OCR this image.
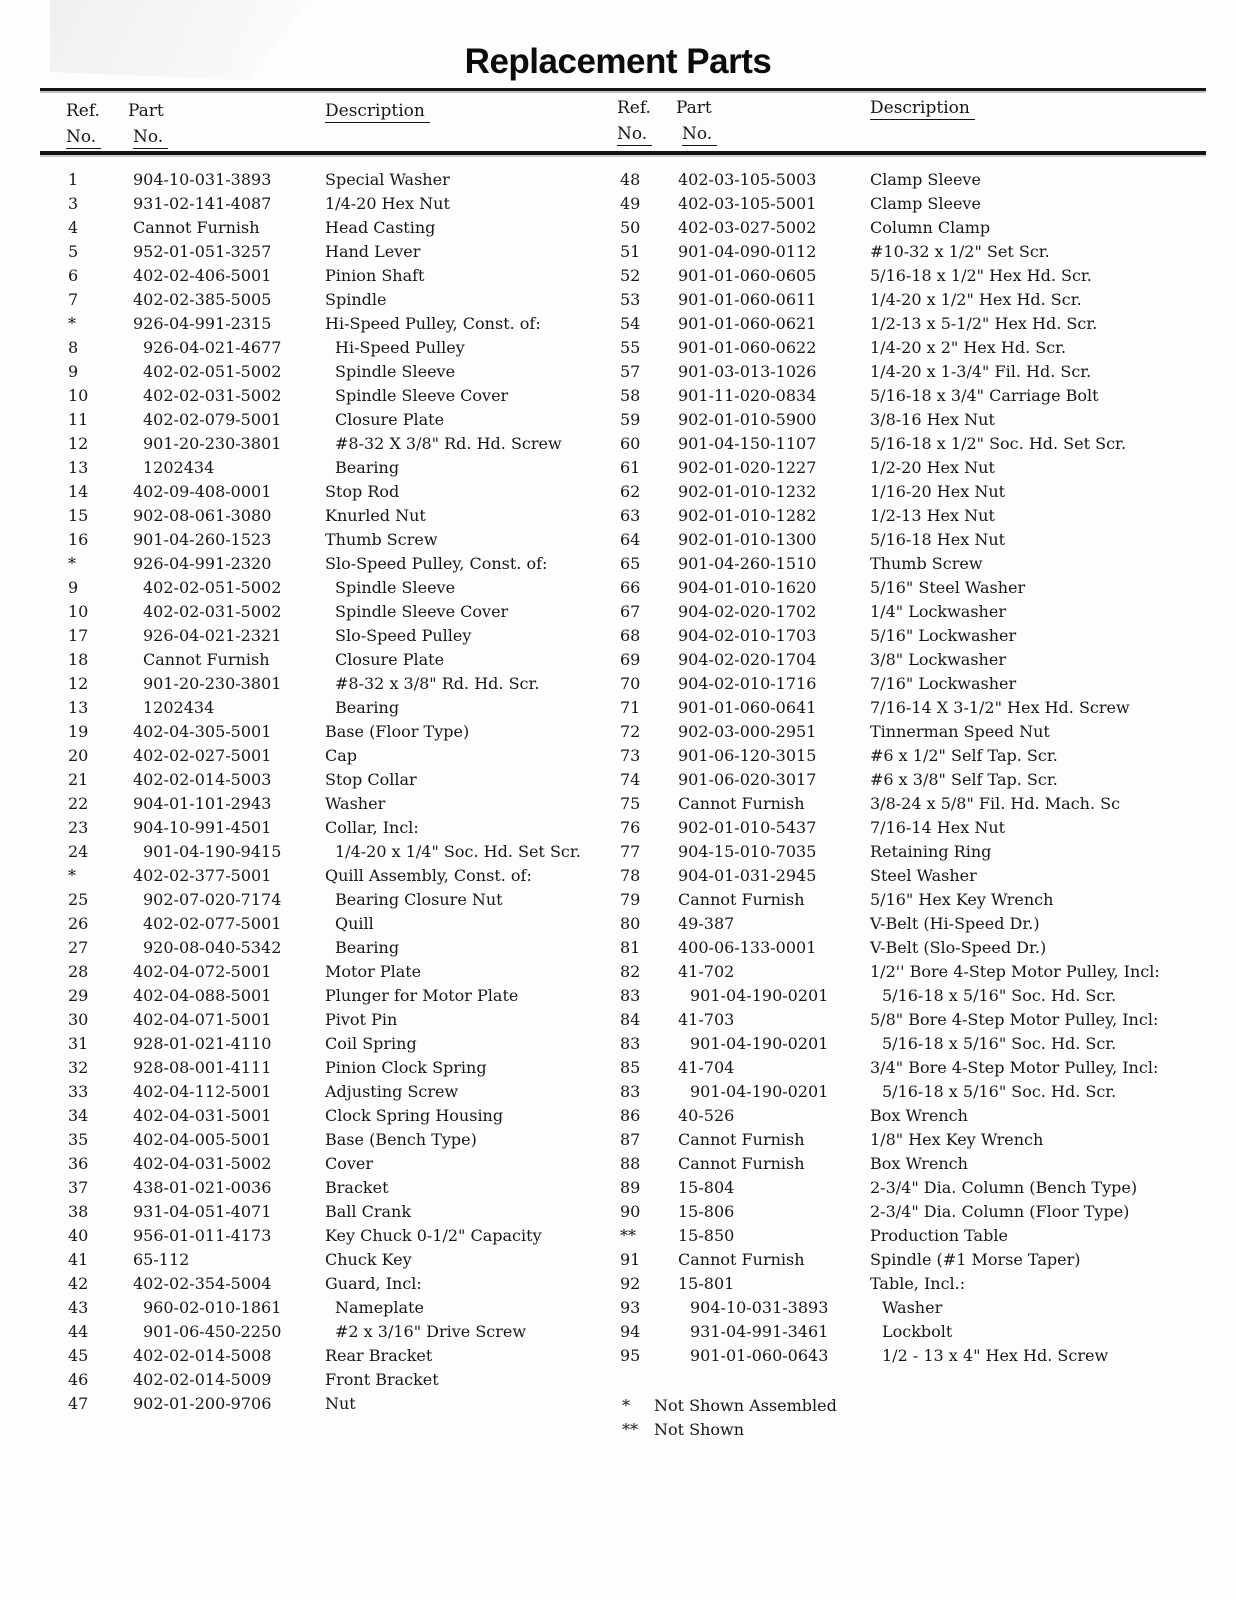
Replacement Parts
Ref.
No.
Part
No.
Description	Ref.
No.
Part
No.
Description
1	904-10-031-3893	Special Washer
3	931-02-141-4087	1/4-20 Hex Nut
4	Cannot Furnish	Head Casting
5	952-01-051-3257	Hand Lever
6	402-02-406-5001	Pinion Shaft
7	402-02-385-5005	Spindle
*	926-04-991-2315	Hi-Speed Pulley, Const. of:
8	926-04-021-4677	Hi-Speed Pulley
9	402-02-051-5002	Spindle Sleeve
10	402-02-031-5002	Spindle Sleeve Cover
11	402-02-079-5001	Closure Plate
12	901-20-230-3801	#8-32 X 3/8" Rd. Hd. Screw
13	1202434	Bearing
14	402-09-408-0001	Stop Rod
15	902-08-061-3080	Knurled Nut
16	901-04-260-1523	Thumb Screw
*	926-04-991-2320	Slo-Speed Pulley, Const. of:
9	402-02-051-5002	Spindle Sleeve
10	402-02-031-5002	Spindle Sleeve Cover
17	926-04-021-2321	Slo-Speed Pulley
18	Cannot Furnish	Closure Plate
12	901-20-230-3801	#8-32 x 3/8" Rd. Hd. Scr.
13	1202434	Bearing
19	402-04-305-5001	Base (Floor Type)
20	402-02-027-5001	Cap
21	402-02-014-5003	Stop Collar
22	904-01-101-2943	Washer
23	904-10-991-4501	Collar, Incl:
24	901-04-190-9415	1/4-20 x 1/4" Soc. Hd. Set Scr.
*	402-02-377-5001	Quill Assembly, Const. of:
25	902-07-020-7174	Bearing Closure Nut
26	402-02-077-5001	Quill
27	920-08-040-5342	Bearing
28	402-04-072-5001	Motor Plate
29	402-04-088-5001	Plunger for Motor Plate
30	402-04-071-5001	Pivot Pin
31	928-01-021-4110	Coil Spring
32	928-08-001-4111	Pinion Clock Spring
33	402-04-112-5001	Adjusting Screw
34	402-04-031-5001	Clock Spring Housing
35	402-04-005-5001	Base (Bench Type)
36	402-04-031-5002	Cover
37	438-01-021-0036	Bracket
38	931-04-051-4071	Ball Crank
40	956-01-011-4173	Key Chuck 0-1/2" Capacity
41	65-112	Chuck Key
42	402-02-354-5004	Guard, Incl:
43	960-02-010-1861	Nameplate
44	901-06-450-2250	#2 x 3/16" Drive Screw
45	402-02-014-5008	Rear Bracket
46	402-02-014-5009	Front Bracket
47	902-01-200-9706	Nut
48	402-03-105-5003	Clamp Sleeve
49	402-03-105-5001	Clamp Sleeve
50	402-03-027-5002	Column Clamp
51	901-04-090-0112	#10-32 x 1/2" Set Scr.
52	901-01-060-0605	5/16-18 x 1/2" Hex Hd. Scr.
53	901-01-060-0611	1/4-20 x 1/2" Hex Hd. Scr.
54	901-01-060-0621	1/2-13 x 5-1/2" Hex Hd. Scr.
55	901-01-060-0622	1/4-20 x 2" Hex Hd. Scr.
57	901-03-013-1026	1/4-20 x 1-3/4" Fil. Hd. Scr.
58	901-11-020-0834	5/16-18 x 3/4" Carriage Bolt
59	902-01-010-5900	3/8-16 Hex Nut
60	901-04-150-1107	5/16-18 x 1/2" Soc. Hd. Set Scr.
61	902-01-020-1227	1/2-20 Hex Nut
62	902-01-010-1232	1/16-20 Hex Nut
63	902-01-010-1282	1/2-13 Hex Nut
64	902-01-010-1300	5/16-18 Hex Nut
65	901-04-260-1510	Thumb Screw
66	904-01-010-1620	5/16" Steel Washer
67	904-02-020-1702	1/4" Lockwasher
68	904-02-010-1703	5/16" Lockwasher
69	904-02-020-1704	3/8" Lockwasher
70	904-02-010-1716	7/16" Lockwasher
71	901-01-060-0641	7/16-14 X 3-1/2" Hex Hd. Screw
72	902-03-000-2951	Tinnerman Speed Nut
73	901-06-120-3015	#6 x 1/2" Self Tap. Scr.
74	901-06-020-3017	#6 x 3/8" Self Tap. Scr.
75	Cannot Furnish	3/8-24 x 5/8" Fil. Hd. Mach. Sc
76	902-01-010-5437	7/16-14 Hex Nut
77	904-15-010-7035	Retaining Ring
78	904-01-031-2945	Steel Washer
79	Cannot Furnish	5/16" Hex Key Wrench
80	49-387	V-Belt (Hi-Speed Dr.)
81	400-06-133-0001	V-Belt (Slo-Speed Dr.)
82	41-702	1/2'' Bore 4-Step Motor Pulley, Incl:
83	901-04-190-0201	5/16-18 x 5/16" Soc. Hd. Scr.
84	41-703	5/8" Bore 4-Step Motor Pulley, Incl:
83	901-04-190-0201	5/16-18 x 5/16" Soc. Hd. Scr.
85	41-704	3/4" Bore 4-Step Motor Pulley, Incl:
83	901-04-190-0201	5/16-18 x 5/16" Soc. Hd. Scr.
86	40-526	Box Wrench
87	Cannot Furnish	1/8" Hex Key Wrench
88	Cannot Furnish	Box Wrench
89	15-804	2-3/4" Dia. Column (Bench Type)
90	15-806	2-3/4" Dia. Column (Floor Type)
**	15-850	Production Table
91	Cannot Furnish	Spindle (#1 Morse Taper)
92	15-801	Table, Incl.:
93	904-10-031-3893	Washer
94	931-04-991-3461	Lockbolt
95	901-01-060-0643	1/2 - 13 x 4" Hex Hd. Screw
*	Not Shown Assembled
**	Not Shown
